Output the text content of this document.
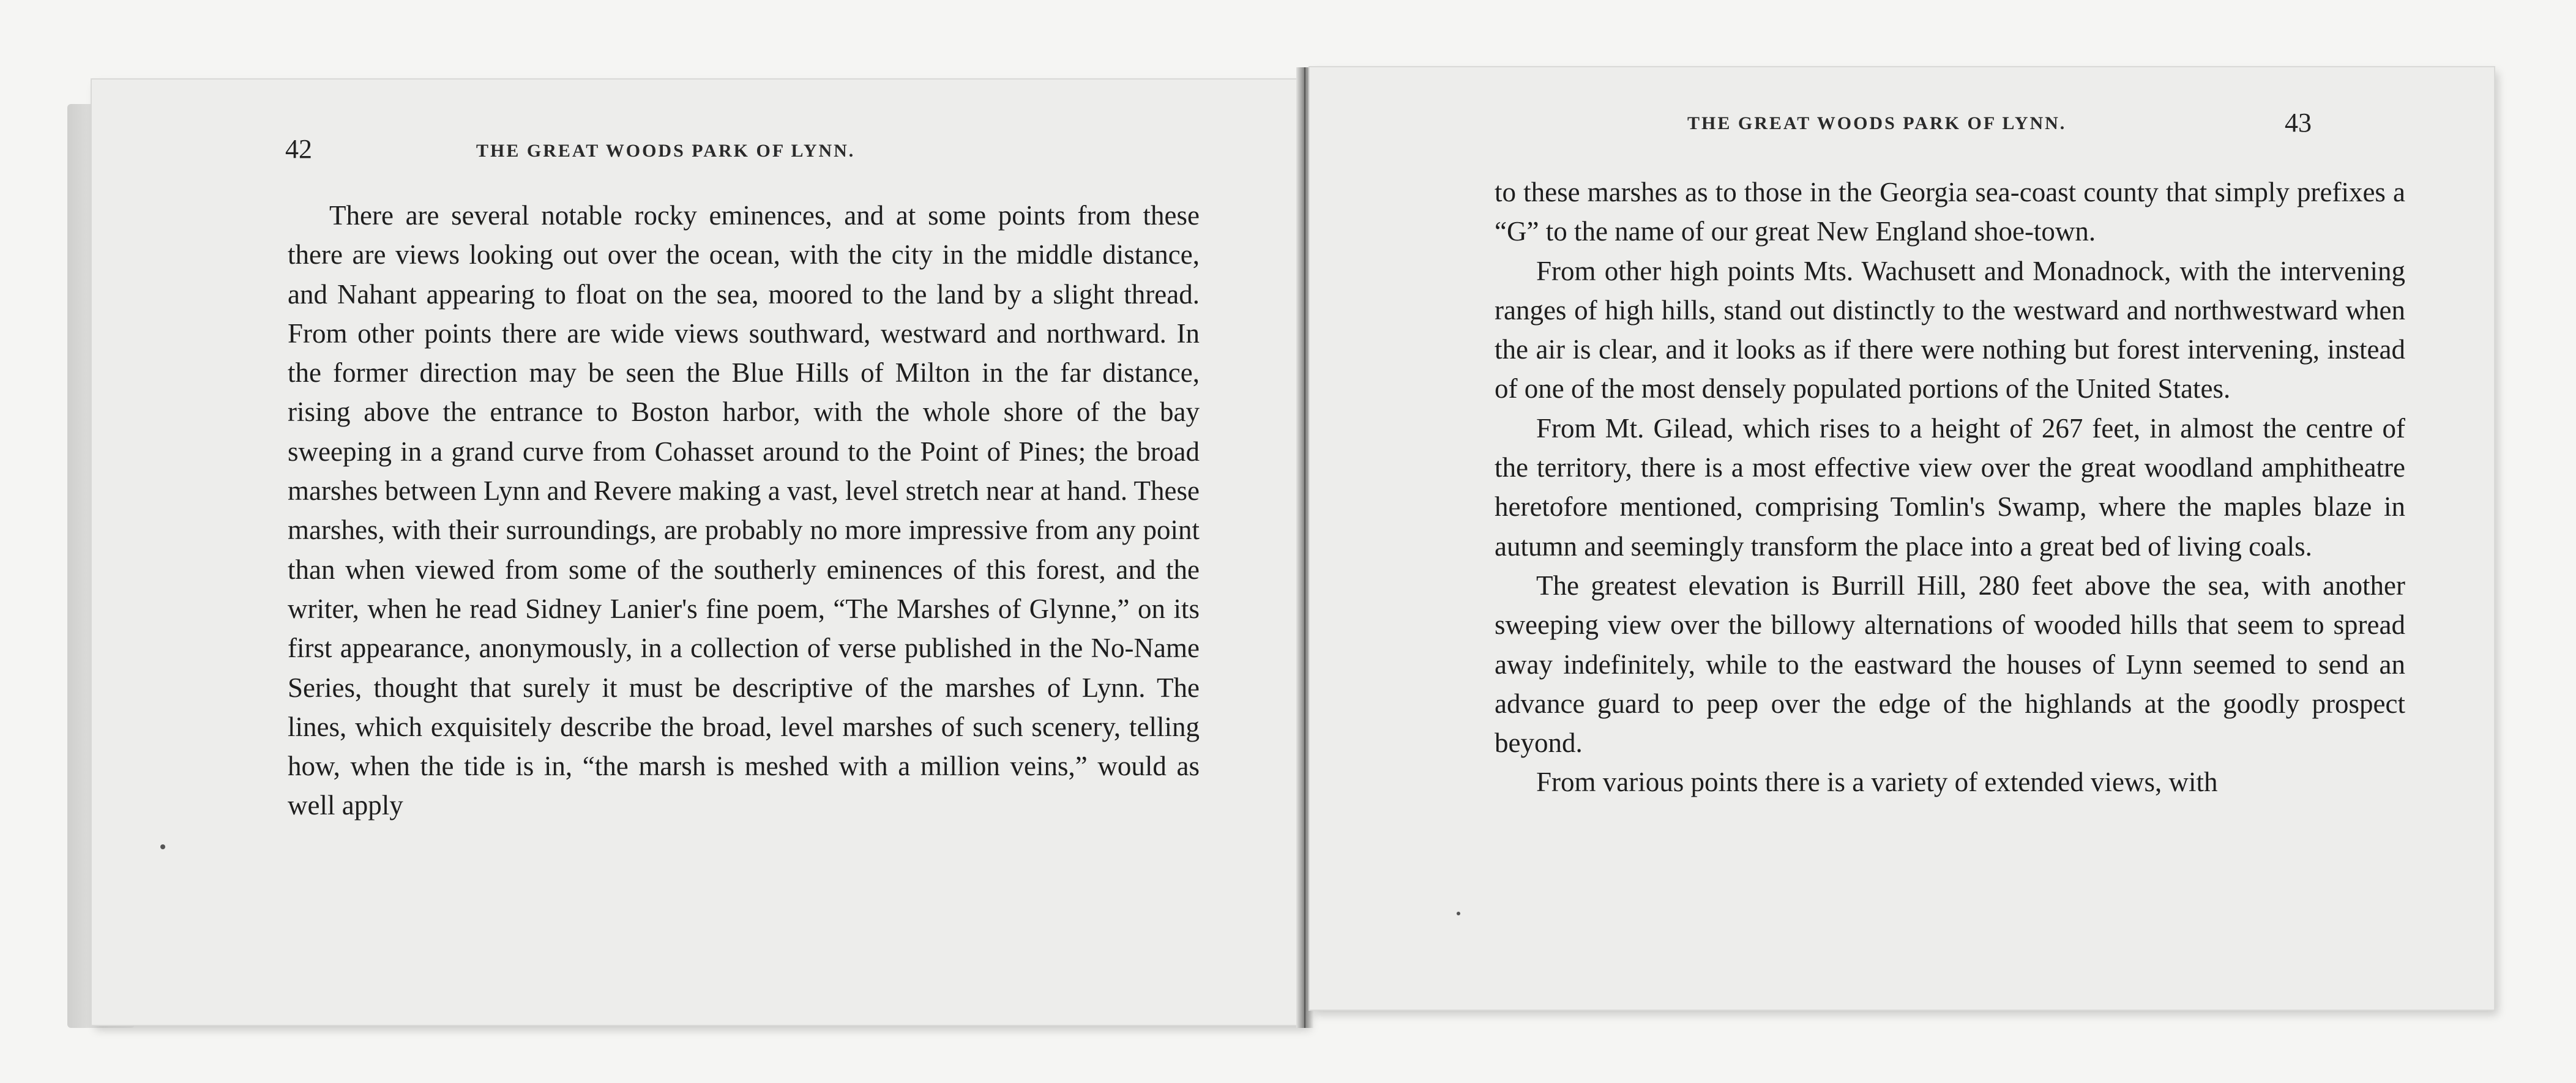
42	THE GREAT WOODS PARK OF LYNN.

There are several notable rocky eminences, and at some points from these there are views looking out over the ocean, with the city in the middle distance, and Nahant appearing to float on the sea, moored to the land by a slight thread. From other points there are wide views southward, westward and northward. In the former direction may be seen the Blue Hills of Milton in the far distance, rising above the entrance to Boston harbor, with the whole shore of the bay sweeping in a grand curve from Cohasset around to the Point of Pines; the broad marshes between Lynn and Revere making a vast, level stretch near at hand. These marshes, with their surroundings, are probably no more impressive from any point than when viewed from some of the southerly eminences of this forest, and the writer, when he read Sidney Lanier's fine poem, “The Marshes of Glynne,” on its first appearance, anonymously, in a collection of verse published in the No-Name Series, thought that surely it must be descriptive of the marshes of Lynn. The lines, which exquisitely describe the broad, level marshes of such scenery, telling how, when the tide is in, “the marsh is meshed with a million veins,” would as well apply

THE GREAT WOODS PARK OF LYNN.	43

to these marshes as to those in the Georgia sea-coast county that simply prefixes a “G” to the name of our great New England shoe-town.

From other high points Mts. Wachusett and Monadnock, with the intervening ranges of high hills, stand out distinctly to the westward and northwestward when the air is clear, and it looks as if there were nothing but forest intervening, instead of one of the most densely populated portions of the United States.

From Mt. Gilead, which rises to a height of 267 feet, in almost the centre of the territory, there is a most effective view over the great woodland amphitheatre heretofore mentioned, comprising Tomlin's Swamp, where the maples blaze in autumn and seemingly transform the place into a great bed of living coals.

The greatest elevation is Burrill Hill, 280 feet above the sea, with another sweeping view over the billowy alternations of wooded hills that seem to spread away indefinitely, while to the eastward the houses of Lynn seemed to send an advance guard to peep over the edge of the highlands at the goodly prospect beyond.

From various points there is a variety of extended views, with
